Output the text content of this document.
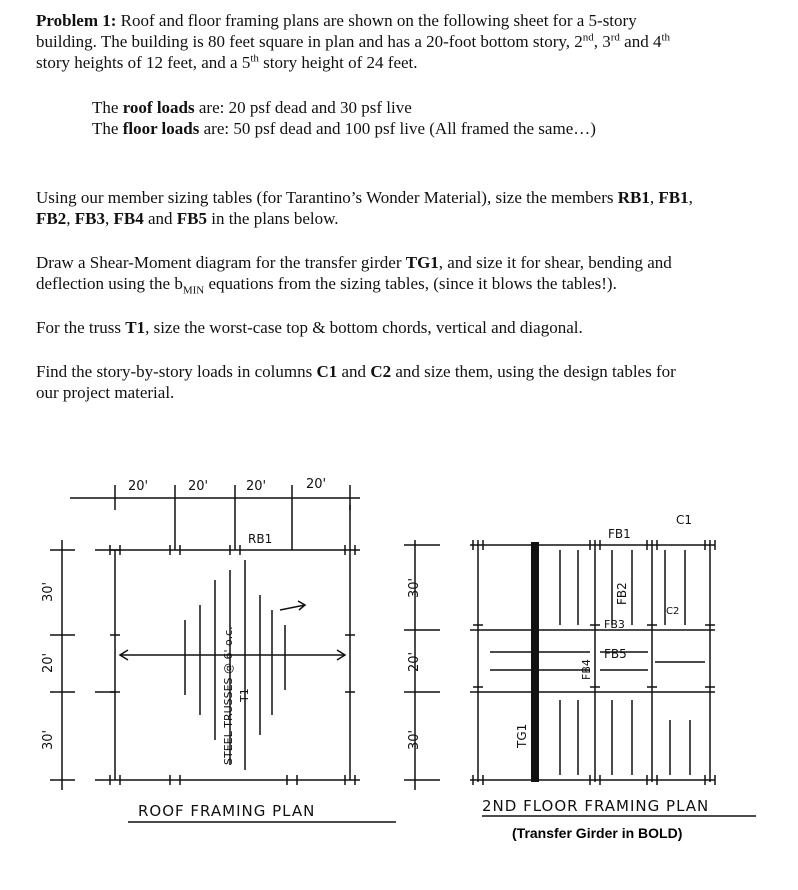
Problem 1: Roof and floor framing plans are shown on the following sheet for a 5-story
building. The building is 80 feet square in plan and has a 20-foot bottom story, 2nd, 3rd and 4th
story heights of 12 feet, and a 5th story height of 24 feet.
The roof loads are: 20 psf dead and 30 psf live
The floor loads are: 50 psf dead and 100 psf live (All framed the same…)
Using our member sizing tables (for Tarantino’s Wonder Material), size the members RB1, FB1,
FB2, FB3, FB4 and FB5 in the plans below.
Draw a Shear-Moment diagram for the transfer girder TG1, and size it for shear, bending and
deflection using the $b_{MIN}$ equations from the sizing tables, (since it blows the tables!).
For the truss T1, size the worst-case top & bottom chords, vertical and diagonal.
Find the story-by-story loads in columns C1 and C2 and size them, using the design tables for
our project material.
20'	20'	20'	20'
30'
20'
30'
RB1
STEEL TRUSSES @ 6' o.c. T1
ROOF FRAMING PLAN
30'
20'
30'
FB1
FB2
FB3
FB4
FB5
C1
C2
TG1
2ND FLOOR FRAMING PLAN
(Transfer Girder in BOLD)
